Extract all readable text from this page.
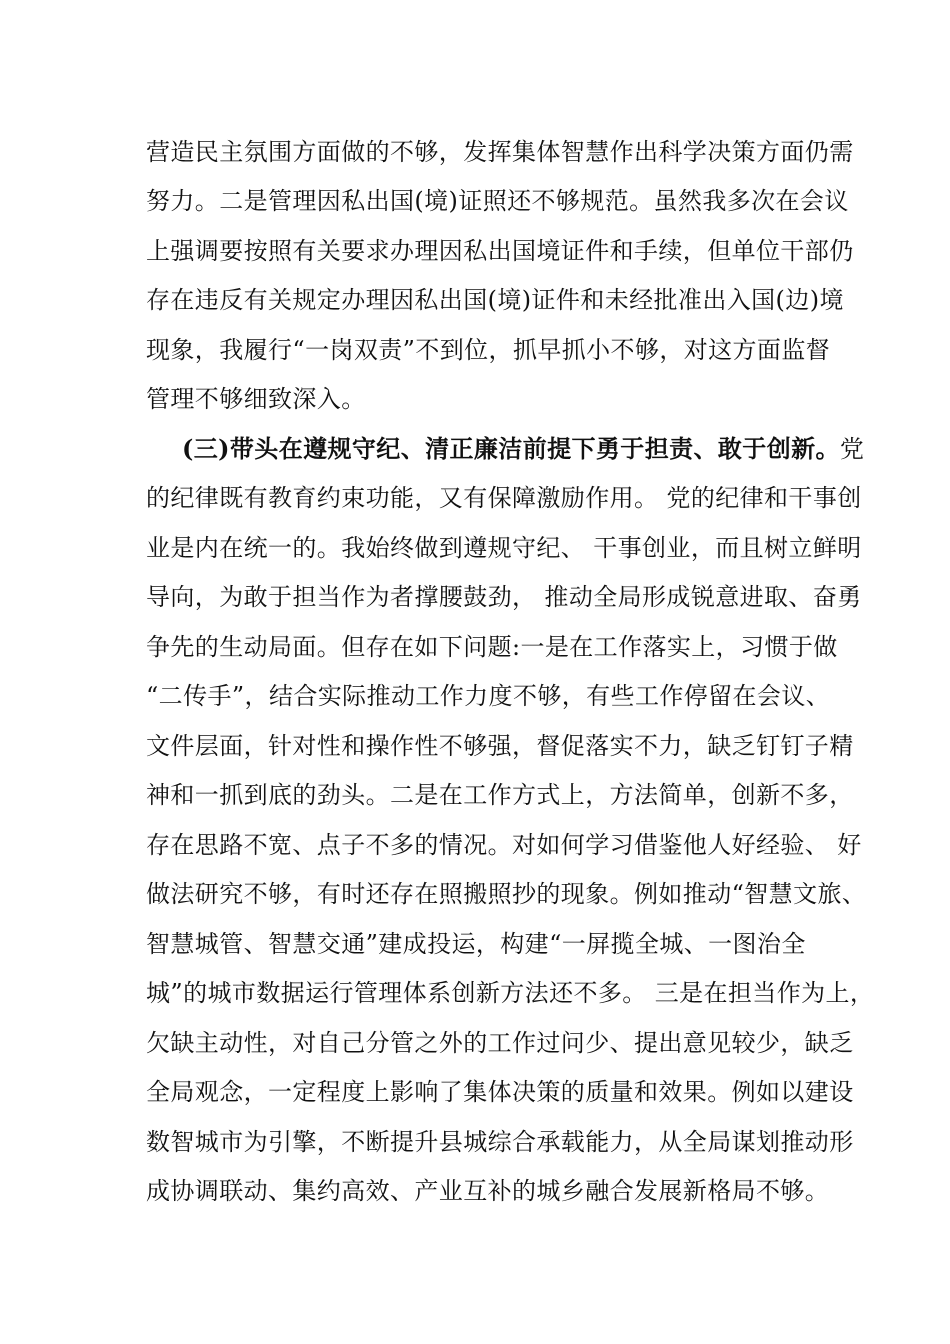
营造民主氛围方面做的不够，发挥集体智慧作出科学决策方面仍需
努力。二是管理因私出国(境)证照还不够规范。虽然我多次在会议
上强调要按照有关要求办理因私出国境证件和手续，但单位干部仍
存在违反有关规定办理因私出国(境)证件和未经批准出入国(边)境
现象，我履行“一岗双责”不到位，抓早抓小不够，对这方面监督
管理不够细致深入。
(三)带头在遵规守纪、清正廉洁前提下勇于担责、敢于创新。党
的纪律既有教育约束功能，又有保障激励作用。 党的纪律和干事创
业是内在统一的。我始终做到遵规守纪、 干事创业，而且树立鲜明
导向，为敢于担当作为者撑腰鼓劲， 推动全局形成锐意进取、奋勇
争先的生动局面。但存在如下问题:一是在工作落实上，习惯于做
“二传手”，结合实际推动工作力度不够，有些工作停留在会议、
文件层面，针对性和操作性不够强，督促落实不力，缺乏钉钉子精
神和一抓到底的劲头。二是在工作方式上，方法简单，创新不多，
存在思路不宽、点子不多的情况。对如何学习借鉴他人好经验、 好
做法研究不够，有时还存在照搬照抄的现象。例如推动“智慧文旅、
智慧城管、智慧交通”建成投运，构建“一屏揽全城、一图治全
城”的城市数据运行管理体系创新方法还不多。 三是在担当作为上，
欠缺主动性，对自己分管之外的工作过问少、提出意见较少，缺乏
全局观念，一定程度上影响了集体决策的质量和效果。例如以建设
数智城市为引擎，不断提升县城综合承载能力，从全局谋划推动形
成协调联动、集约高效、产业互补的城乡融合发展新格局不够。
